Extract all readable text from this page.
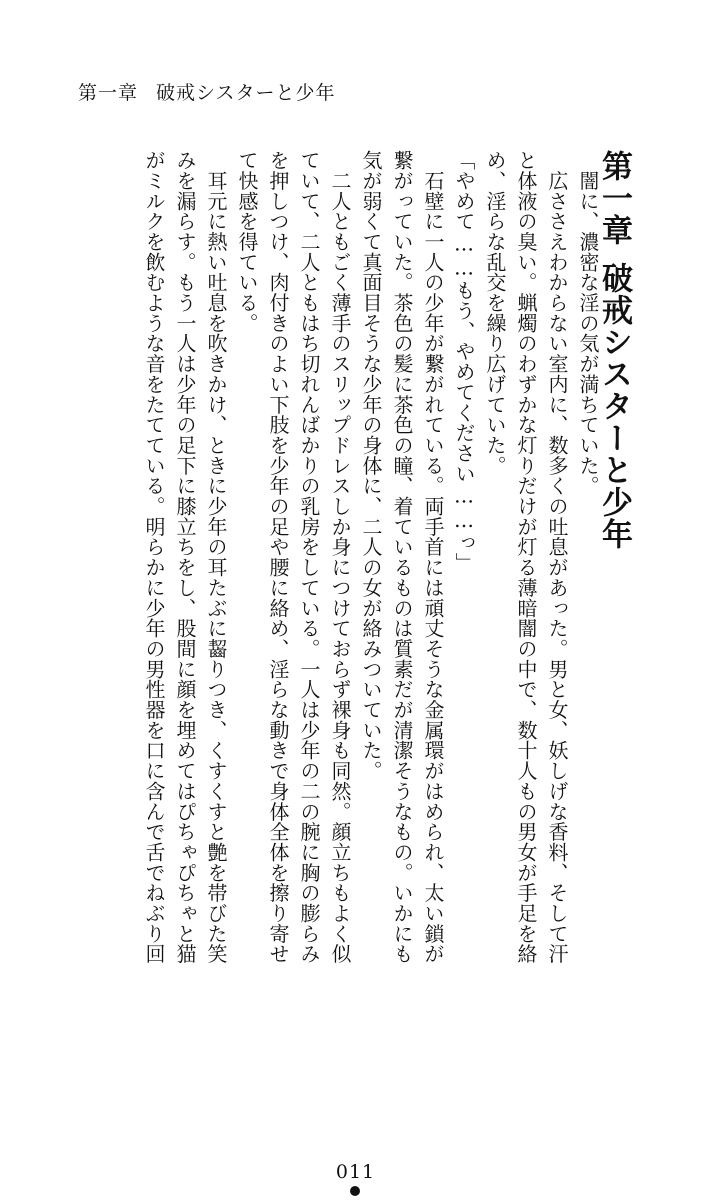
第一章 破戒シスターと少年
第一章破戒シスターと少年
　闇に、濃密な淫の気が満ちていた。
　広ささえわからない室内に、数多くの吐息があった。男と女、妖しげな香料、そして汗
と体液の臭い。蝋燭のわずかな灯りだけが灯る薄暗闇の中で、数十人もの男女が手足を絡
め、淫らな乱交を繰り広げていた。
「やめて……もう、やめてください……っ」
　石壁に一人の少年が繋がれている。両手首には頑丈そうな金属環がはめられ、太い鎖が
繋がっていた。茶色の髪に茶色の瞳、着ているものは質素だが清潔そうなもの。いかにも
気が弱くて真面目そうな少年の身体に、二人の女が絡みついていた。
　二人ともごく薄手のスリップドレスしか身につけておらず裸身も同然。顔立ちもよく似
ていて、二人ともはち切れんばかりの乳房をしている。一人は少年の二の腕に胸の膨らみ
を押しつけ、肉付きのよい下肢を少年の足や腰に絡め、淫らな動きで身体全体を擦り寄せ
て快感を得ている。
　耳元に熱い吐息を吹きかけ、ときに少年の耳たぶに齧りつき、くすくすと艶を帯びた笑
みを漏らす。もう一人は少年の足下に膝立ちをし、股間に顔を埋めてはぴちゃぴちゃと猫
がミルクを飲むような音をたてている。明らかに少年の男性器を口に含んで舌でねぶり回
011
